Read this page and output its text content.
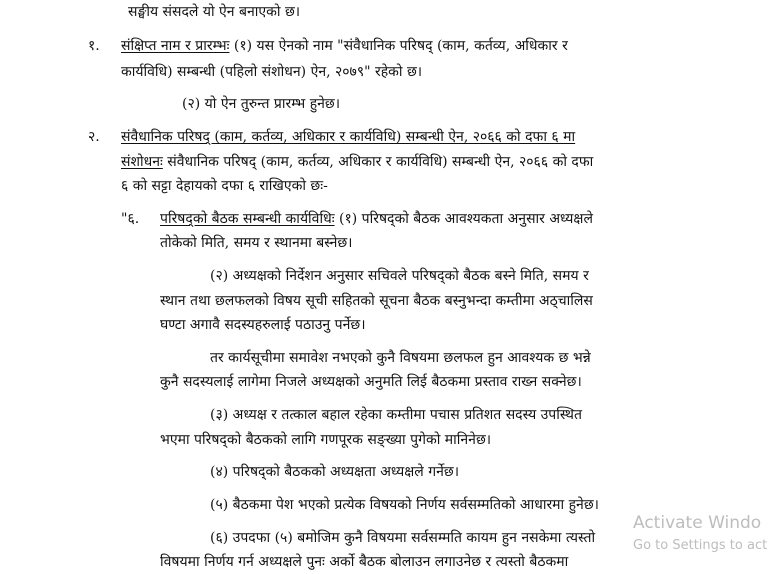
सङ्घीय संसदले यो ऐन बनाएको छ।
१. संक्षिप्त नाम र प्रारम्भः (१) यस ऐनको नाम "संवैधानिक परिषद् (काम, कर्तव्य, अधिकार र
कार्यविधि) सम्बन्धी (पहिलो संशोधन) ऐन, २०७९" रहेको छ।
(२) यो ऐन तुरुन्त प्रारम्भ हुनेछ।
२. संवैधानिक परिषद् (काम, कर्तव्य, अधिकार र कार्यविधि) सम्बन्धी ऐन, २०६६ को दफा ६ मा
संशोधनः संवैधानिक परिषद् (काम, कर्तव्य, अधिकार र कार्यविधि) सम्बन्धी ऐन, २०६६ को दफा
६ को सट्टा देहायको दफा ६ राखिएको छः-
"६. परिषद्को बैठक सम्बन्धी कार्यविधिः (१) परिषद्को बैठक आवश्यकता अनुसार अध्यक्षले
तोकेको मिति, समय र स्थानमा बस्नेछ।
(२) अध्यक्षको निर्देशन अनुसार सचिवले परिषद्को बैठक बस्ने मिति, समय र
स्थान तथा छलफलको विषय सूची सहितको सूचना बैठक बस्नुभन्दा कम्तीमा अठ्चालिस
घण्टा अगावै सदस्यहरुलाई पठाउनु पर्नेछ।
तर कार्यसूचीमा समावेश नभएको कुनै विषयमा छलफल हुन आवश्यक छ भन्ने
कुनै सदस्यलाई लागेमा निजले अध्यक्षको अनुमति लिई बैठकमा प्रस्ताव राख्न सक्नेछ।
(३) अध्यक्ष र तत्काल बहाल रहेका कम्तीमा पचास प्रतिशत सदस्य उपस्थित
भएमा परिषद्को बैठकको लागि गणपूरक सङ्ख्या पुगेको मानिनेछ।
(४) परिषद्को बैठकको अध्यक्षता अध्यक्षले गर्नेछ।
(५) बैठकमा पेश भएको प्रत्येक विषयको निर्णय सर्वसम्मतिको आधारमा हुनेछ।
(६) उपदफा (५) बमोजिम कुनै विषयमा सर्वसम्मति कायम हुन नसकेमा त्यस्तो
विषयमा निर्णय गर्न अध्यक्षले पुनः अर्को बैठक बोलाउन लगाउनेछ र त्यस्तो बैठकमा
Activate Windo
Go to Settings to act
